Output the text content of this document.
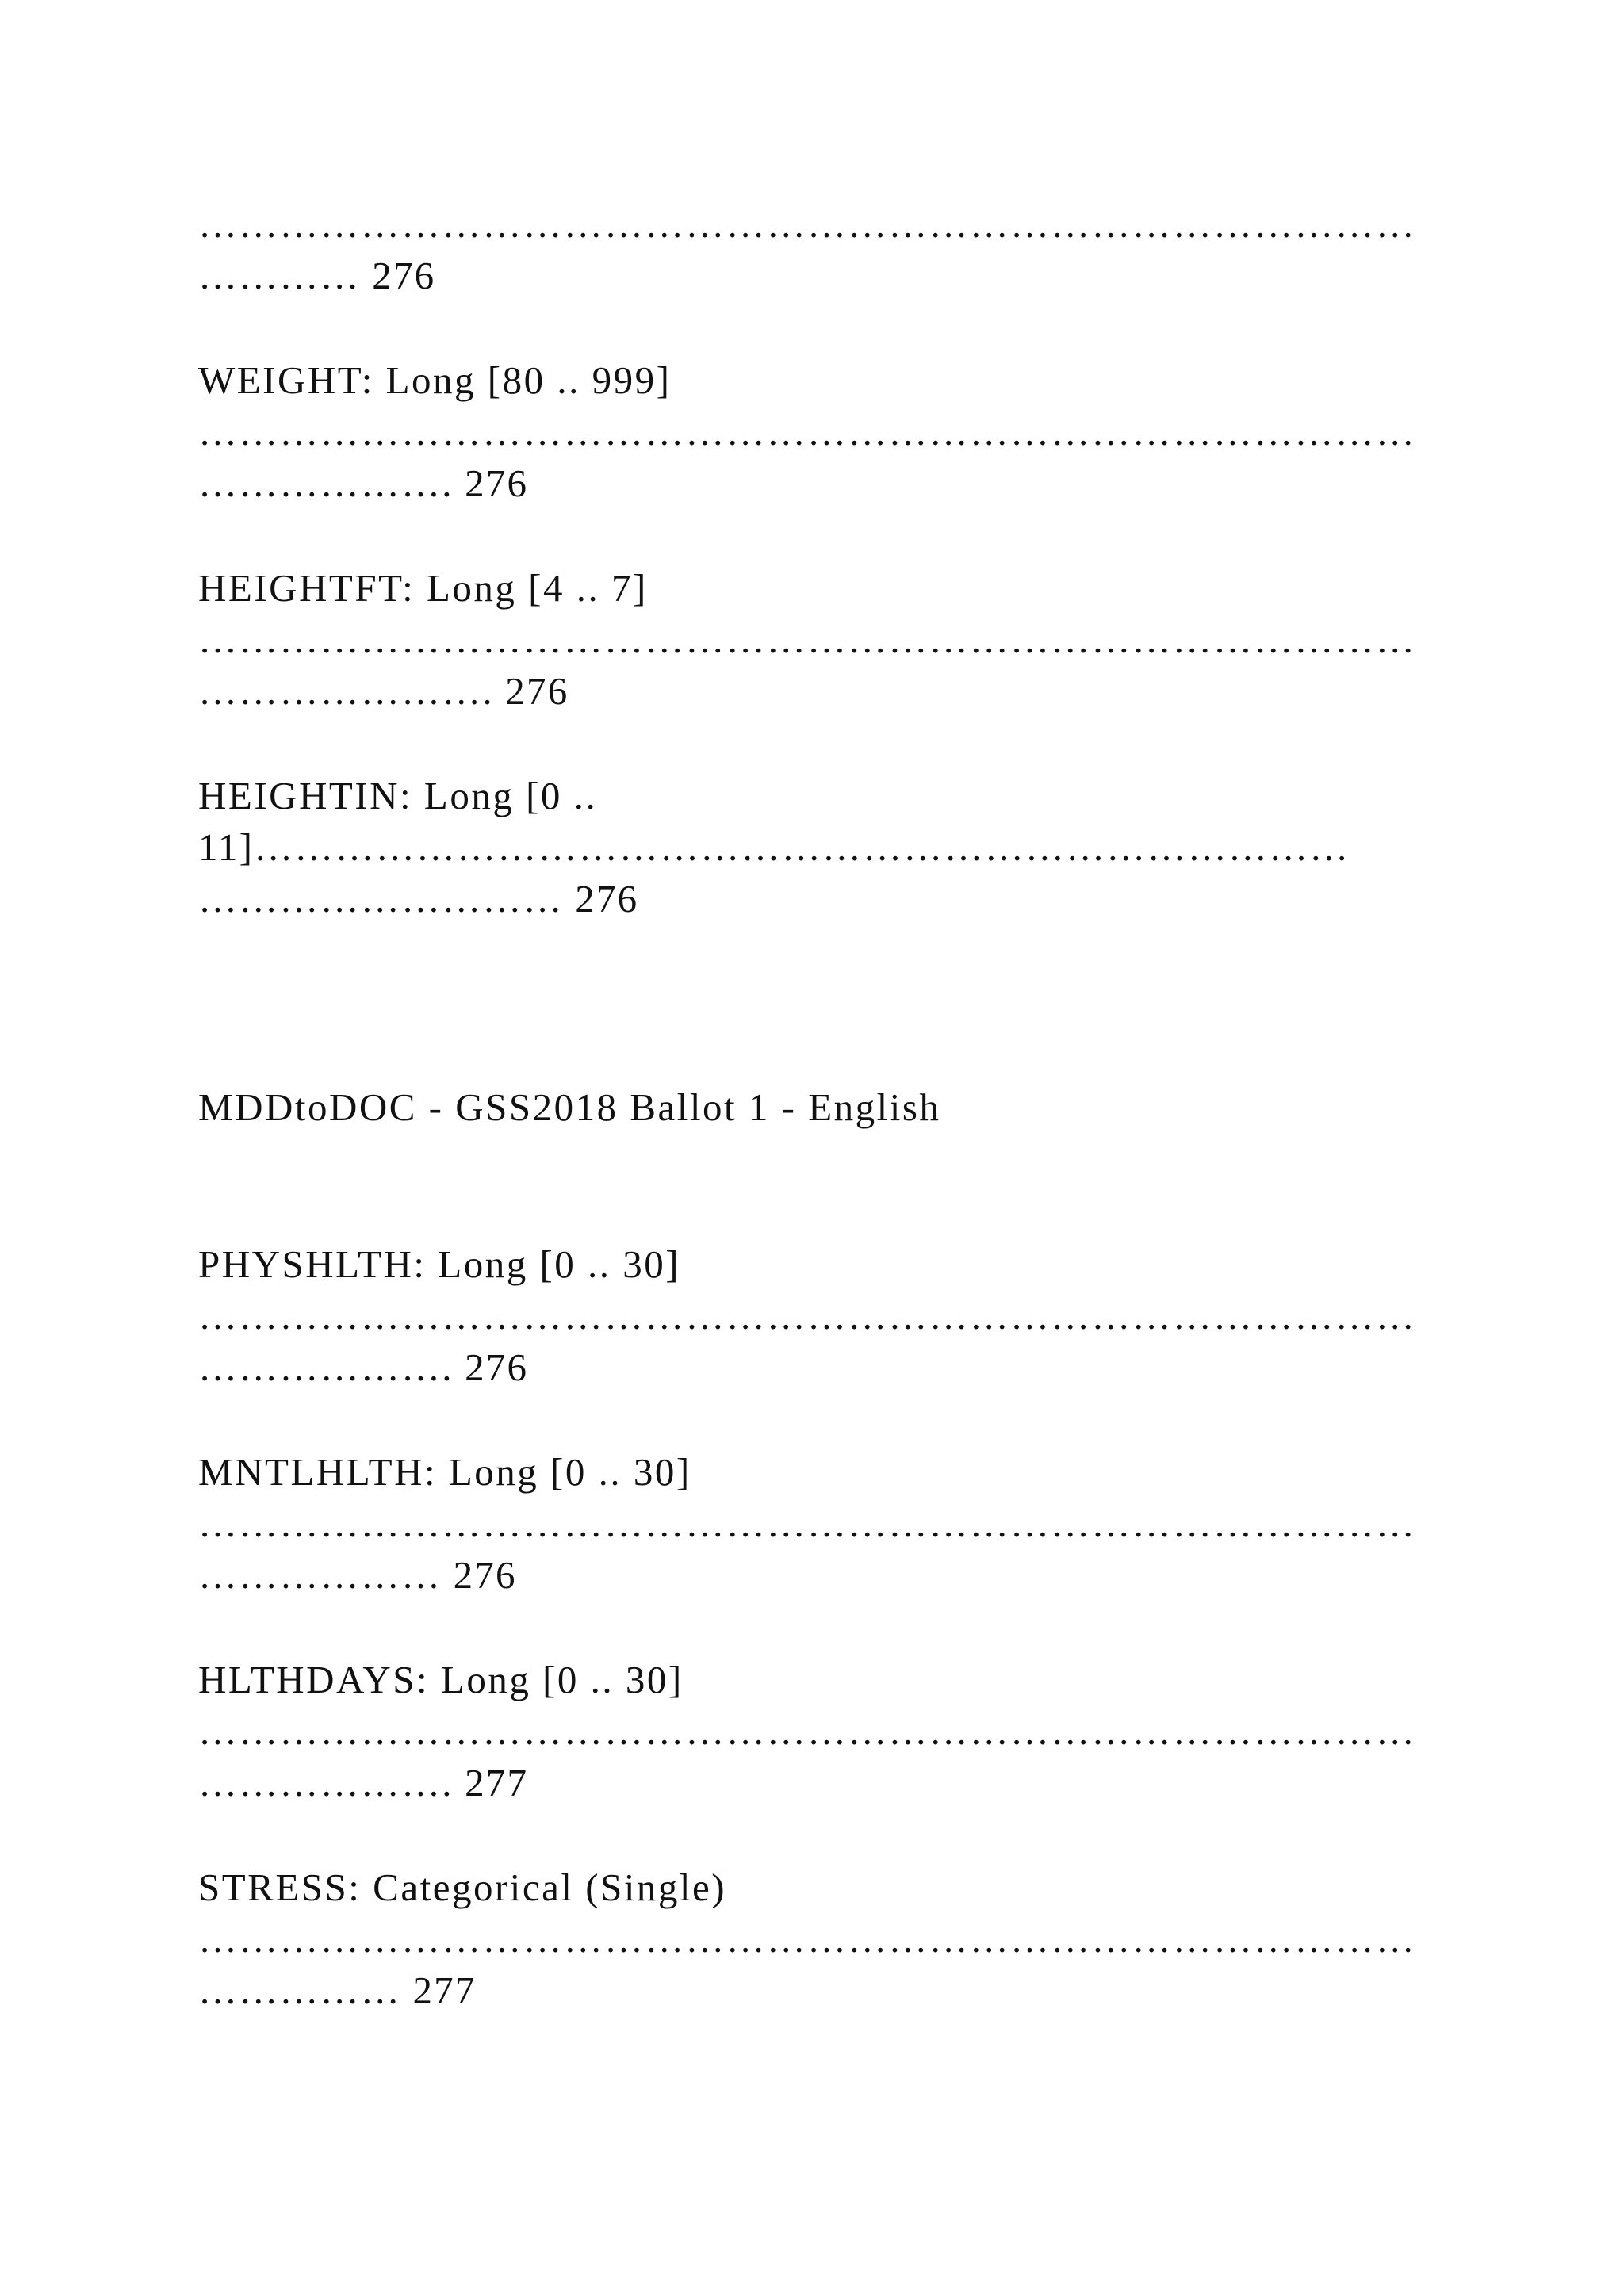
………………………………………………………………………………

………… 276

WEIGHT: Long [80 .. 999]

………………………………………………………………………………

………………. 276

HEIGHTFT: Long [4 .. 7]

………………………………………………………………………………

…………………. 276

HEIGHTIN: Long [0 ..

11]………………………………………………………………………

……………………… 276

MDDtoDOC - GSS2018 Ballot 1 - English

PHYSHLTH: Long [0 .. 30]

………………………………………………………………………………

………………. 276

MNTLHLTH: Long [0 .. 30]

………………………………………………………………………………

……………… 276

HLTHDAYS: Long [0 .. 30]

………………………………………………………………………………

………………. 277

STRESS: Categorical (Single)

………………………………………………………………………………

…………… 277
